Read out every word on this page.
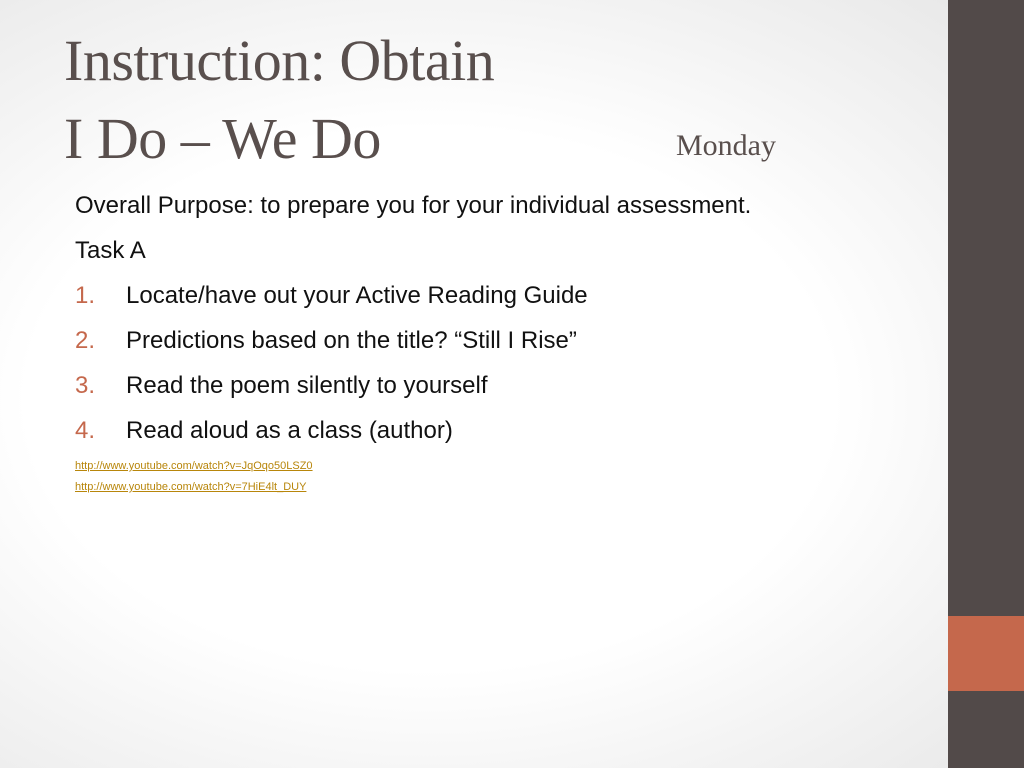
Instruction: Obtain
I Do – We Do	Monday
Overall Purpose: to prepare you for your individual assessment.
Task A
1. Locate/have out your Active Reading Guide
2. Predictions based on the title? “Still I Rise”
3. Read the poem silently to yourself
4. Read aloud as a class (author)
http://www.youtube.com/watch?v=JqOqo50LSZ0
http://www.youtube.com/watch?v=7HiE4lt_DUY
